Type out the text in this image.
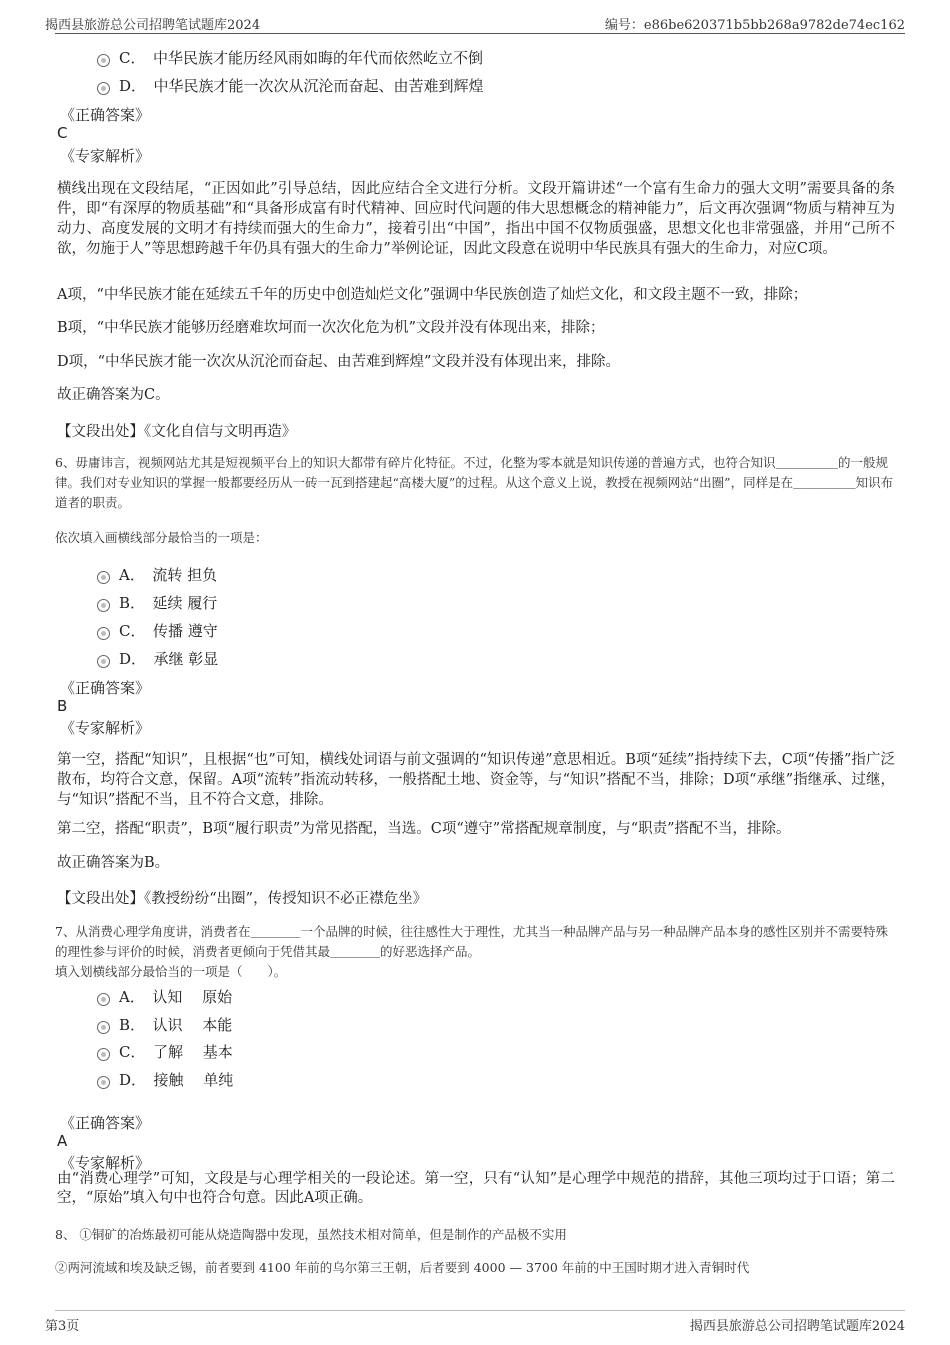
揭西县旅游总公司招聘笔试题库2024	编号：e86be620371b5bb268a9782de74ec162
C．　中华民族才能历经风雨如晦的年代而依然屹立不倒
D．　中华民族才能一次次从沉沦而奋起、由苦难到辉煌
《正确答案》
C
《专家解析》
横线出现在文段结尾，“正因如此”引导总结，因此应结合全文进行分析。文段开篇讲述“一个富有生命力的强大文明”需要具备的条件，即“有深厚的物质基础”和“具备形成富有时代精神、回应时代问题的伟大思想概念的精神能力”，后文再次强调“物质与精神互为动力、高度发展的文明才有持续而强大的生命力”，接着引出“中国”，指出中国不仅物质强盛，思想文化也非常强盛，并用“己所不欲，勿施于人”等思想跨越千年仍具有强大的生命力”举例论证，因此文段意在说明中华民族具有强大的生命力，对应C项。
A项，“中华民族才能在延续五千年的历史中创造灿烂文化”强调中华民族创造了灿烂文化，和文段主题不一致，排除；
B项，“中华民族才能够历经磨难坎坷而一次次化危为机”文段并没有体现出来，排除；
D项，“中华民族才能一次次从沉沦而奋起、由苦难到辉煌”文段并没有体现出来，排除。
故正确答案为C。
【文段出处】《文化自信与文明再造》
6、毋庸讳言，视频网站尤其是短视频平台上的知识大都带有碎片化特征。不过，化整为零本就是知识传递的普遍方式，也符合知识＿＿＿＿＿的一般规律。我们对专业知识的掌握一般都要经历从一砖一瓦到搭建起“高楼大厦”的过程。从这个意义上说，教授在视频网站“出圈”，同样是在＿＿＿＿＿知识布道者的职责。
依次填入画横线部分最恰当的一项是：
A．　流转 担负
B．　延续 履行
C．　传播 遵守
D．　承继 彰显
《正确答案》
B
《专家解析》
第一空，搭配“知识”，且根据“也”可知，横线处词语与前文强调的“知识传递”意思相近。B项“延续”指持续下去，C项“传播”指广泛散布，均符合文意，保留。A项“流转”指流动转移，一般搭配土地、资金等，与“知识”搭配不当，排除；D项“承继”指继承、过继，与“知识”搭配不当，且不符合文意，排除。
第二空，搭配“职责”，B项“履行职责”为常见搭配，当选。C项“遵守”常搭配规章制度，与“职责”搭配不当，排除。
故正确答案为B。
【文段出处】《教授纷纷“出圈”，传授知识不必正襟危坐》
7、从消费心理学角度讲，消费者在＿＿＿＿一个品牌的时候，往往感性大于理性，尤其当一种品牌产品与另一种品牌产品本身的感性区别并不需要特殊的理性参与评价的时候，消费者更倾向于凭借其最＿＿＿＿的好恶选择产品。
填入划横线部分最恰当的一项是（　　）。
A．　认知　 原始
B．　认识　 本能
C．　了解　 基本
D．　接触　 单纯
《正确答案》
A
《专家解析》
由“消费心理学”可知，文段是与心理学相关的一段论述。第一空，只有“认知”是心理学中规范的措辞，其他三项均过于口语；第二空，“原始”填入句中也符合句意。因此A项正确。
8、 ①铜矿的冶炼最初可能从烧造陶器中发现，虽然技术相对简单，但是制作的产品极不实用
②两河流域和埃及缺乏锡，前者要到 4100 年前的乌尔第三王朝，后者要到 4000 — 3700 年前的中王国时期才进入青铜时代
第3页	揭西县旅游总公司招聘笔试题库2024
